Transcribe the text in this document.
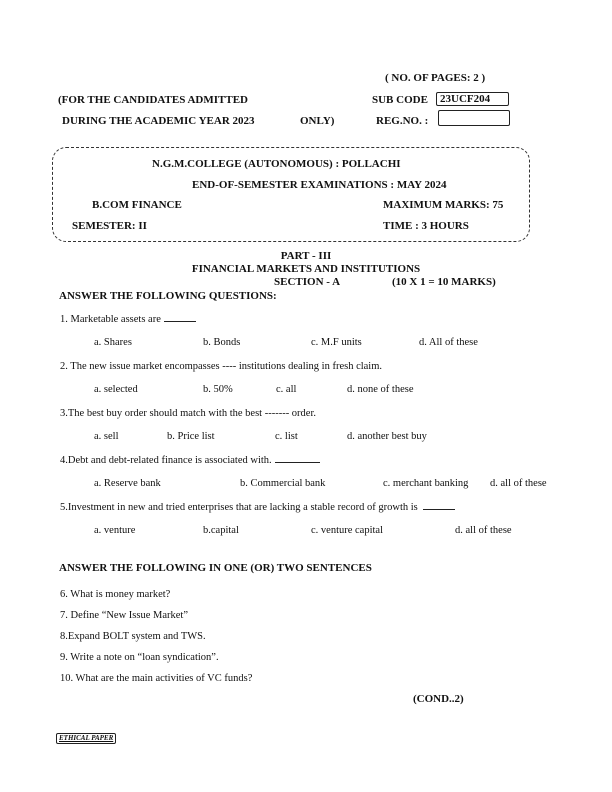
( NO. OF PAGES: 2 )
(FOR THE CANDIDATES ADMITTED	SUB CODE	23UCF204
DURING THE ACADEMIC YEAR 2023	ONLY)	REG.NO. :
N.G.M.COLLEGE (AUTONOMOUS) : POLLACHI
END-OF-SEMESTER EXAMINATIONS : MAY 2024
B.COM FINANCE	MAXIMUM MARKS: 75
SEMESTER: II	TIME : 3 HOURS
PART - III
FINANCIAL MARKETS AND INSTITUTIONS
SECTION - A	(10 X 1 = 10 MARKS)
ANSWER THE FOLLOWING QUESTIONS:
1. Marketable assets are
a. Shares	b. Bonds	c. M.F units	d. All of these
2. The new issue market encompasses ---- institutions dealing in fresh claim.
a. selected	b. 50%	c. all	d. none of these
3.The best buy order should match with the best ------- order.
a. sell	b. Price list	c. list	d. another best buy
4.Debt and debt-related finance is associated with.
a. Reserve bank	b. Commercial bank	c. merchant banking d. all of these
5.Investment in new and tried enterprises that are lacking a stable record of growth is
a. venture	b.capital	c. venture capital	d. all of these
ANSWER THE FOLLOWING IN ONE (OR) TWO SENTENCES
6. What is money market?
7. Define “New Issue Market”
8.Expand BOLT system and TWS.
9. Write a note on “loan syndication”.
10. What are the main activities of VC funds?
(COND..2)
ETHICAL PAPER
